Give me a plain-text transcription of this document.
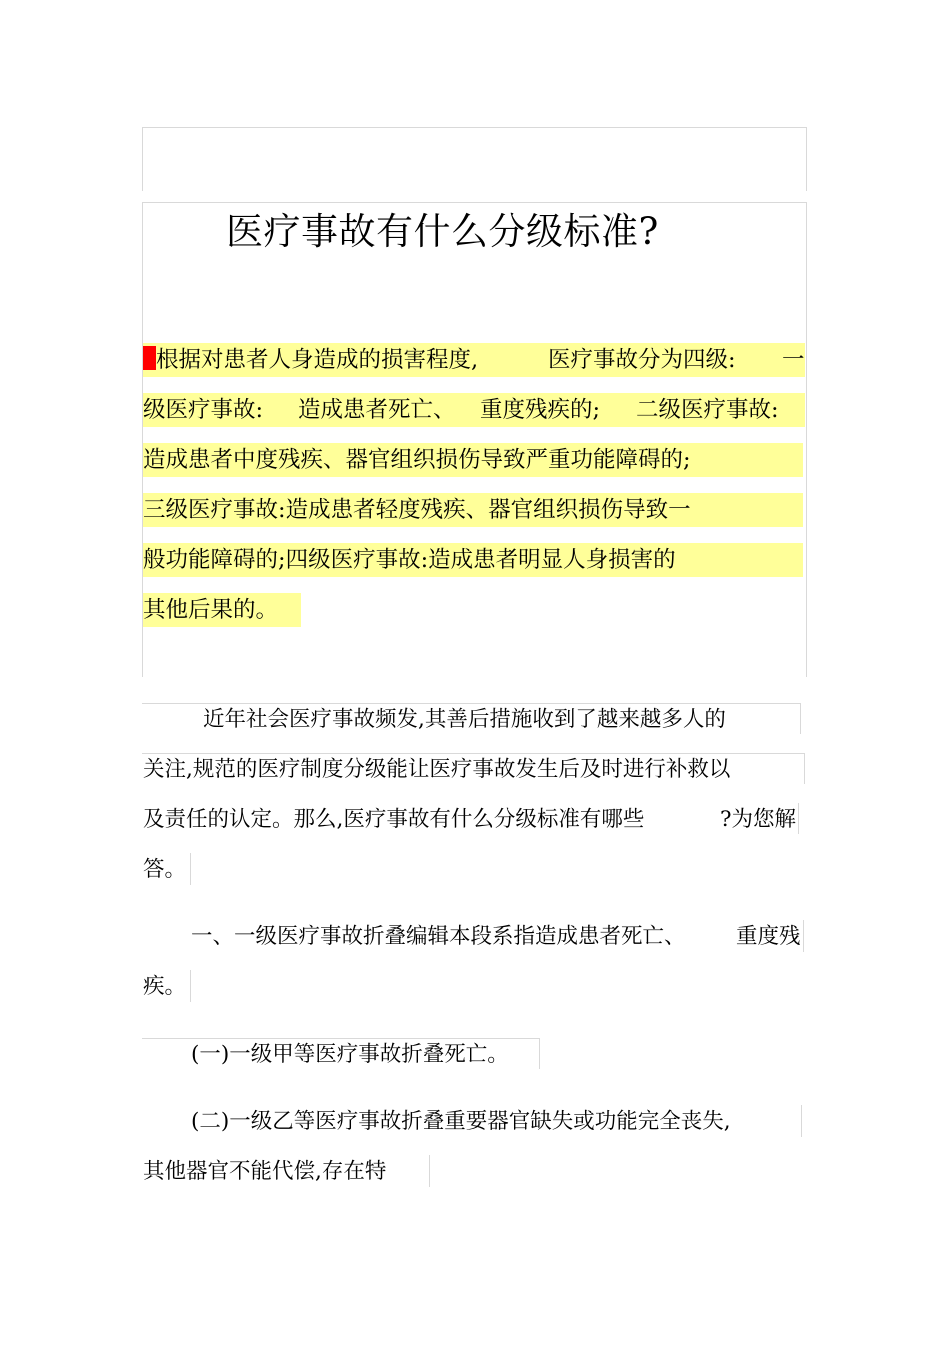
医疗事故有什么分级标准?
根据对患者人身造成的损害程度,	医疗事故分为四级: 一
级医疗事故: 造成患者死亡、 重度残疾的; 二级医疗事故:
造成患者中度残疾、器官组织损伤导致严重功能障碍的;
三级医疗事故:造成患者轻度残疾、器官组织损伤导致一
般功能障碍的;四级医疗事故:造成患者明显人身损害的
其他后果的。
近年社会医疗事故频发,其善后措施收到了越来越多人的
关注,规范的医疗制度分级能让医疗事故发生后及时进行补救以
及责任的认定。那么,医疗事故有什么分级标准有哪些	?为您解
答。
一、一级医疗事故折叠编辑本段系指造成患者死亡、 重度残
疾。
(一)一级甲等医疗事故折叠死亡。
(二)一级乙等医疗事故折叠重要器官缺失或功能完全丧失,
其他器官不能代偿,存在特
